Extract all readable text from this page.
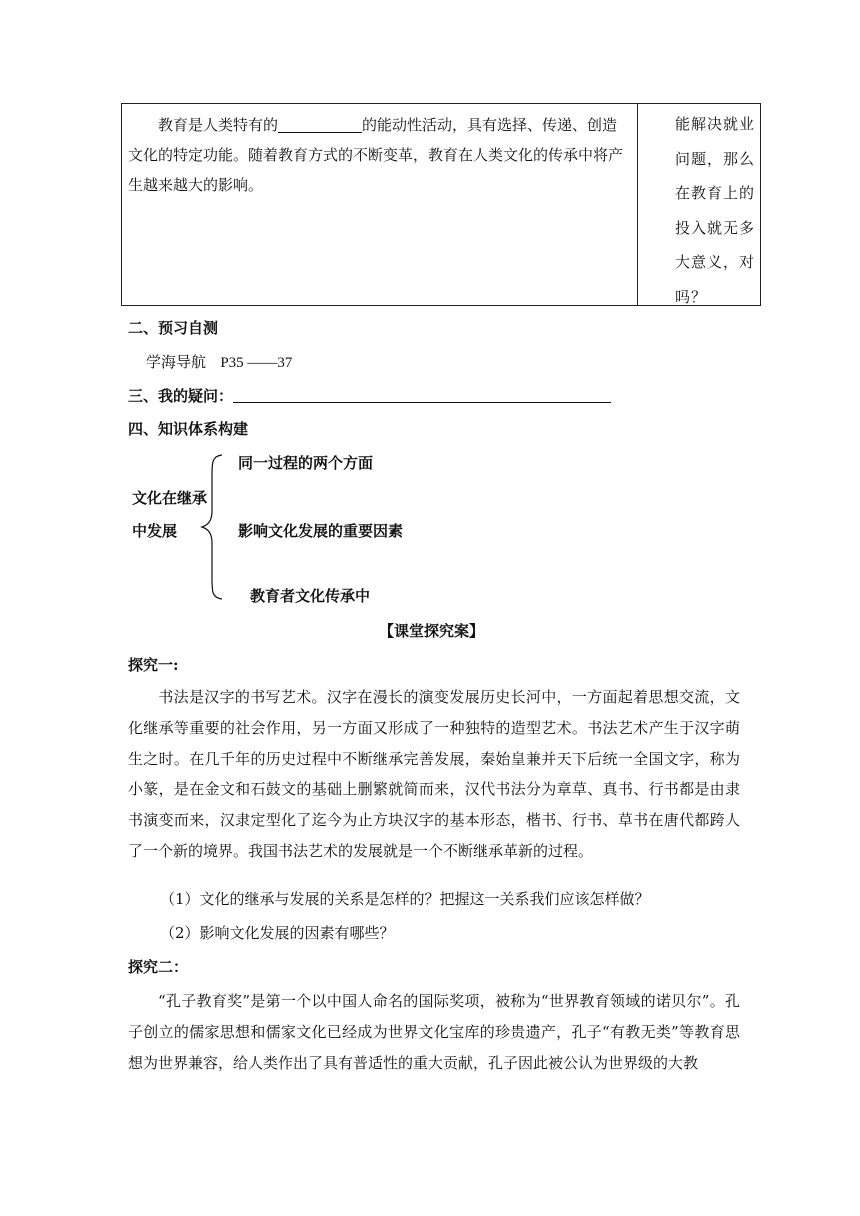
教育是人类特有的	的能动性活动，具有选择、传递、创造文化的特定功能。随着教育方式的不断变革，教育在人类文化的传承中将产生越来越大的影响。
能解决就业
问题，那么
在教育上的
投入就无多
大意义，对
吗？
二、预习自测
学海导航 P35 ——37
三、我的疑问：
四、知识体系构建
文化在继承
中发展
同一过程的两个方面
影响文化发展的重要因素
教育者文化传承中
【课堂探究案】
探究一:
书法是汉字的书写艺术。汉字在漫长的演变发展历史长河中，一方面起着思想交流，文化继承等重要的社会作用，另一方面又形成了一种独特的造型艺术。书法艺术产生于汉字萌生之时。在几千年的历史过程中不断继承完善发展，秦始皇兼并天下后统一全国文字，称为小篆，是在金文和石鼓文的基础上删繁就简而来，汉代书法分为章草、真书、行书都是由隶书演变而来，汉隶定型化了迄今为止方块汉字的基本形态，楷书、行书、草书在唐代都跨人了一个新的境界。我国书法艺术的发展就是一个不断继承革新的过程。
（1）文化的继承与发展的关系是怎样的？把握这一关系我们应该怎样做？
（2）影响文化发展的因素有哪些？
探究二：
“孔子教育奖”是第一个以中国人命名的国际奖项，被称为“世界教育领域的诺贝尔”。孔子创立的儒家思想和儒家文化已经成为世界文化宝库的珍贵遗产，孔子“有教无类”等教育思想为世界兼容，给人类作出了具有普适性的重大贡献，孔子因此被公认为世界级的大教
